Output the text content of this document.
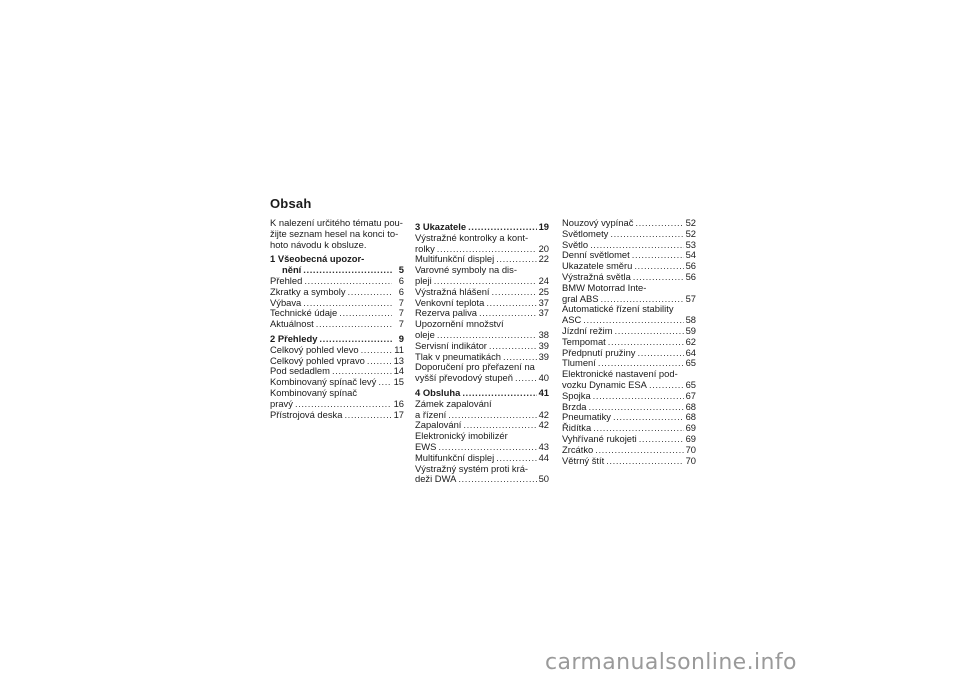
Obsah

K nalezení určitého tématu pou-

žijte seznam hesel na konci to-

hoto návodu k obsluze.

1 Všeobecná upozor-
nění .....	5
Přehled .....	6
Zkratky a symboly .....	6
Výbava .....	7
Technické údaje .....	7
Aktuálnost .....	7
2 Přehledy .....	9
Celkový pohled vlevo .....	11
Celkový pohled vpravo .....	13
Pod sedadlem .....	14
Kombinovaný spínač levý ..... 15
Kombinovaný spínač
pravý .....	16
Přístrojová deska .....	17
3 Ukazatele .....	19
Výstražné kontrolky a kont-
rolky .....	20
Multifunkční displej .....	22
Varovné symboly na dis-
pleji .....	24
Výstražná hlášení .....	25
Venkovní teplota .....	37
Rezerva paliva .....	37
Upozornění množství
oleje .....	38
Servisní indikátor .....	39
Tlak v pneumatikách .....	39
Doporučení pro přeřazení na
vyšší převodový stupeň .....	40
4 Obsluha .....	41
Zámek zapalování
a řízení .....	42
Zapalování .....	42
Elektronický imobilizér
EWS .....	43
Multifunkční displej .....	44
Výstražný systém proti krá-
deži DWA .....	50
Nouzový vypínač .....	52
Světlomety .....	52
Světlo .....	53
Denní světlomet .....	54
Ukazatele směru .....	56
Výstražná světla .....	56
BMW Motorrad Inte-
gral ABS .....	57
Automatické řízení stability
ASC .....	58
Jízdní režim .....	59
Tempomat .....	62
Předpnutí pružiny .....	64
Tlumení .....	65
Elektronické nastavení pod-
vozku Dynamic ESA .....	65
Spojka .....	67
Brzda .....	68
Pneumatiky .....	68
Řidítka .....	69
Vyhřívané rukojeti .....	69
Zrcátko .....	70
Větrný štít .....	70
carmanualsonline.info
